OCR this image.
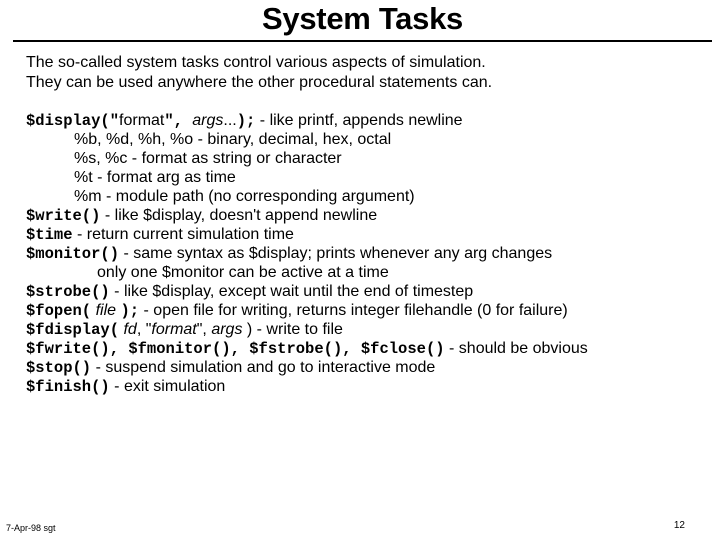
System Tasks
The so-called system tasks control various aspects of simulation.
They can be used anywhere the other procedural statements can.
$display("format", args...); - like printf, appends newline
%b, %d, %h, %o - binary, decimal, hex, octal
%s, %c - format as string or character
%t - format arg as time
%m - module path (no corresponding argument)
$write() - like $display, doesn't append newline
$time - return current simulation time
$monitor() - same syntax as $display; prints whenever any arg changes
only one $monitor can be active at a time
$strobe() - like $display, except wait until the end of timestep
$fopen( file ); - open file for writing, returns integer filehandle (0 for failure)
$fdisplay( fd, "format", args ) - write to file
$fwrite(), $fmonitor(), $fstrobe(), $fclose() - should be obvious
$stop() - suspend simulation and go to interactive mode
$finish() - exit simulation
7-Apr-98 sgt	12
